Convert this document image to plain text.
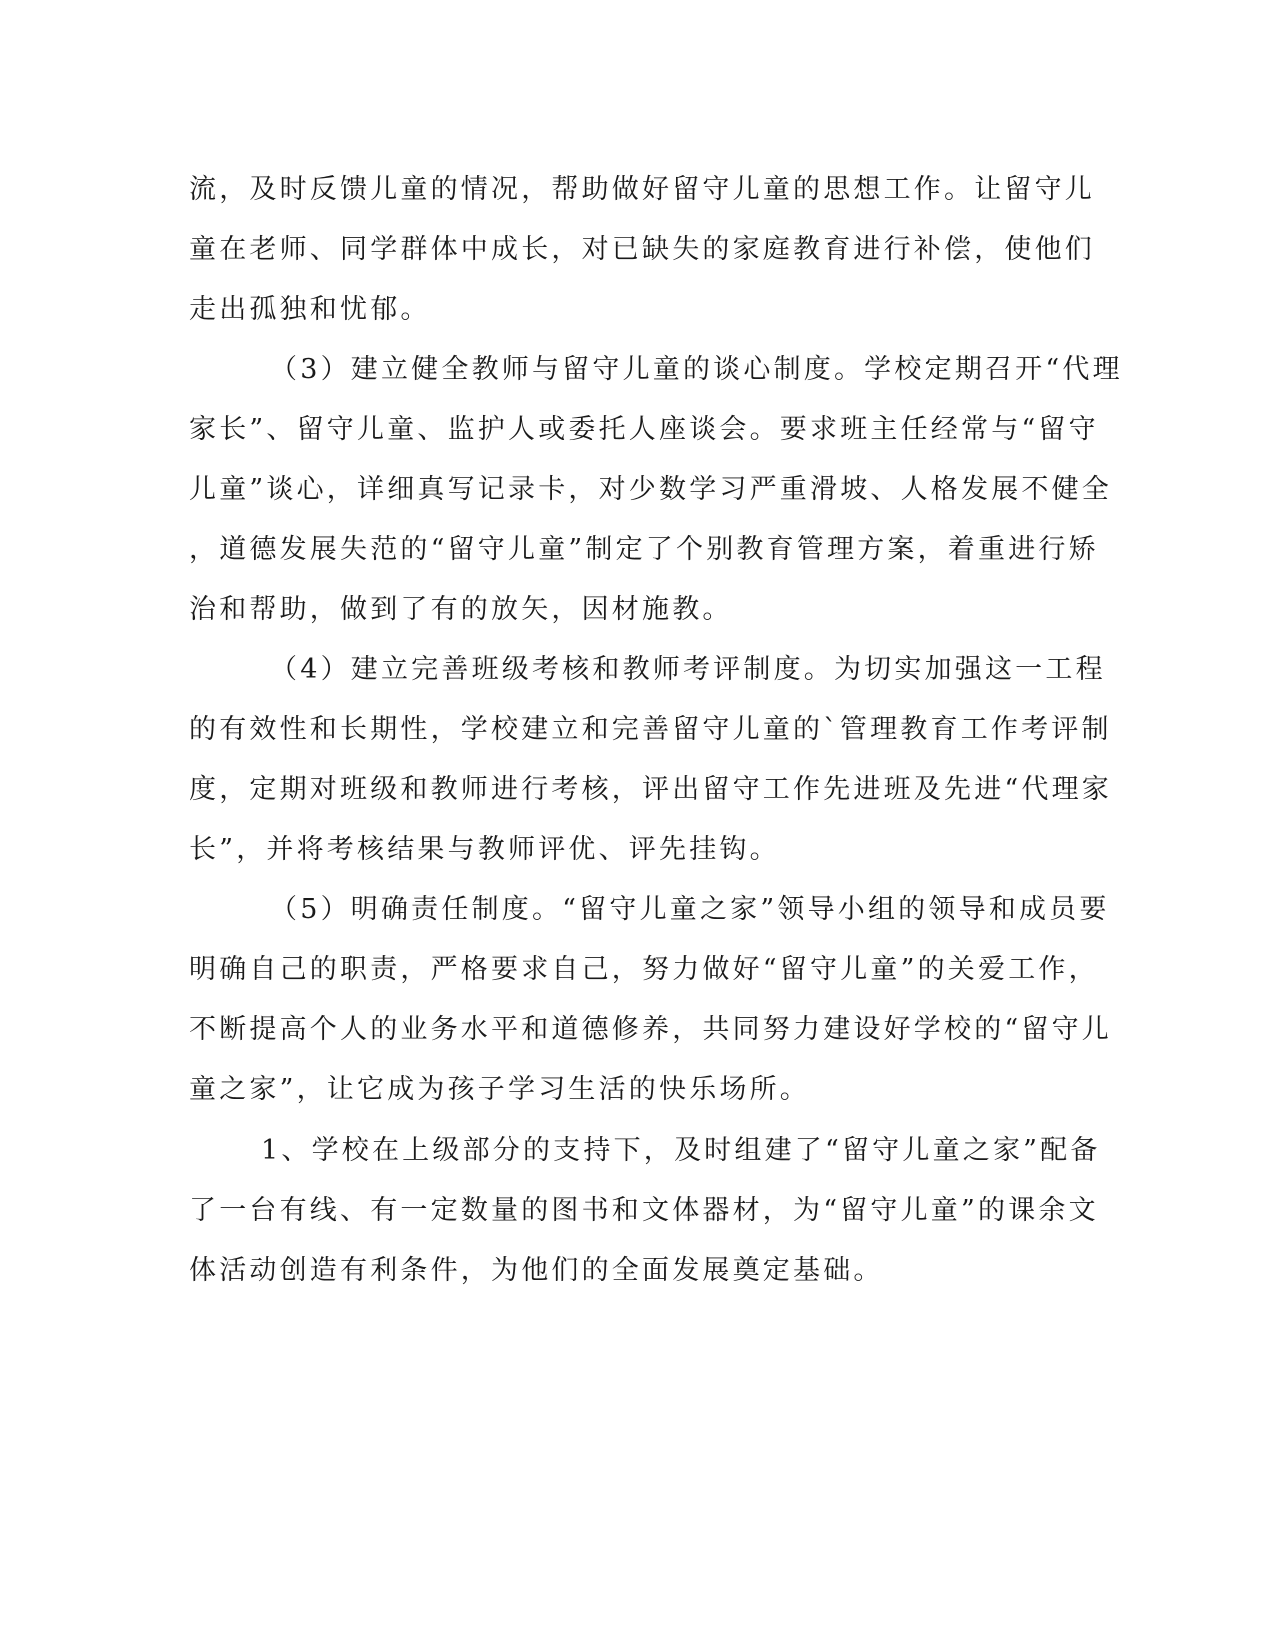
流，及时反馈儿童的情况，帮助做好留守儿童的思想工作。让留守儿
童在老师、同学群体中成长，对已缺失的家庭教育进行补偿，使他们
走出孤独和忧郁。
（3）建立健全教师与留守儿童的谈心制度。学校定期召开“代理
家长”、留守儿童、监护人或委托人座谈会。要求班主任经常与“留守
儿童”谈心，详细真写记录卡，对少数学习严重滑坡、人格发展不健全
，道德发展失范的“留守儿童”制定了个别教育管理方案，着重进行矫
治和帮助，做到了有的放矢，因材施教。
（4）建立完善班级考核和教师考评制度。为切实加强这一工程
的有效性和长期性，学校建立和完善留守儿童的`管理教育工作考评制
度，定期对班级和教师进行考核，评出留守工作先进班及先进“代理家
长”，并将考核结果与教师评优、评先挂钩。
（5）明确责任制度。“留守儿童之家”领导小组的领导和成员要
明确自己的职责，严格要求自己，努力做好“留守儿童”的关爱工作，
不断提高个人的业务水平和道德修养，共同努力建设好学校的“留守儿
童之家”，让它成为孩子学习生活的快乐场所。
1、学校在上级部分的支持下，及时组建了“留守儿童之家”配备
了一台有线、有一定数量的图书和文体器材，为“留守儿童”的课余文
体活动创造有利条件，为他们的全面发展奠定基础。
